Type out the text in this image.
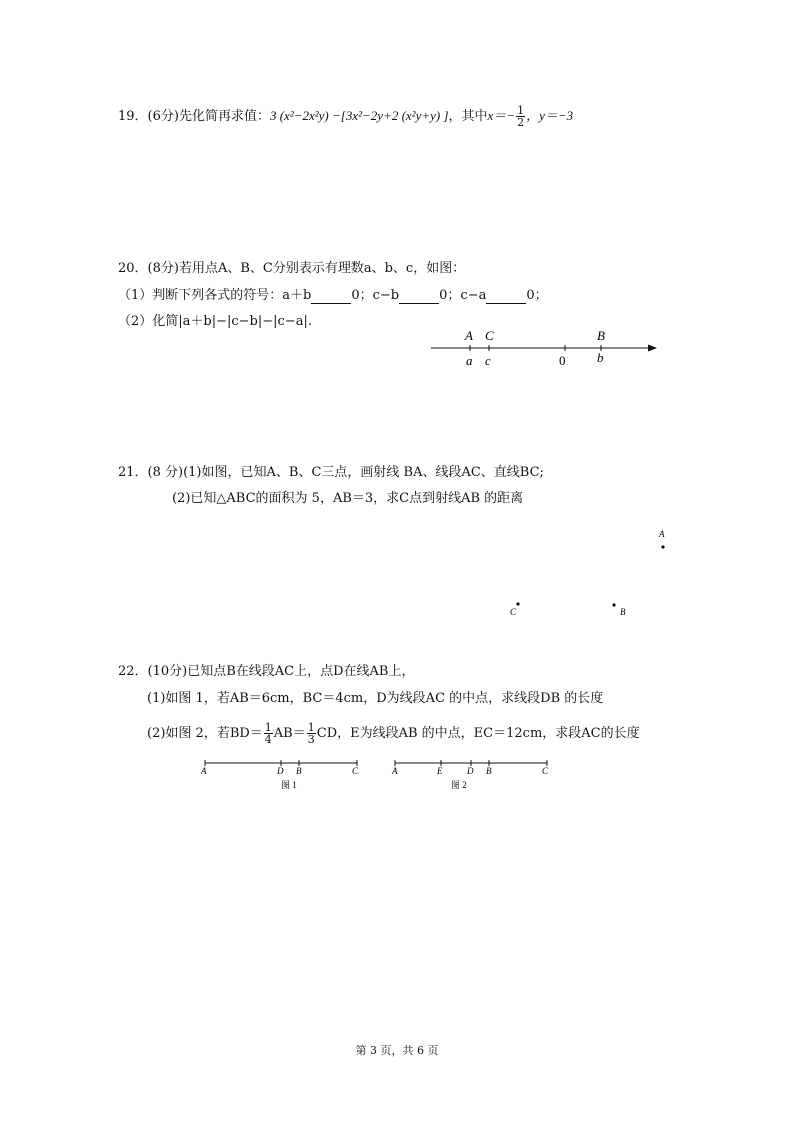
19．(6分)先化简再求值：3 (x²−2x²y) −[3x²−2y+2 (x²y+y) ]，其中$x=- \frac{1}{2}$ ，y＝−3
20．(8分)若用点A、B、C分别表示有理数a、b、c，如图：
（1）判断下列各式的符号：a＋b	0；c−b	0；c−a	0；
（2）化简|a＋b|−|c−b|−|c−a|.
A C	B
a c	0 b
21．(8 分)(1)如图，已知A、B、C三点，画射线 BA、线段AC、直线BC;
(2)已知△ABC的面积为 5，AB＝3，求C点到射线AB 的距离
A
C	B
22．(10分)已知点B在线段AC上，点D在线AB上，
(1)如图 1，若AB＝6cm，BC＝4cm，D为线段AC 的中点，求线段DB 的长度
(2)如图 2，若$BD= \frac{1}{4} AB= \frac{1}{3}$ CD，E为线段AB 的中点，EC＝12cm，求段AC的长度
A	D B	C
图 1
A	E	D B	C
图 2
第 3 页，共 6 页
